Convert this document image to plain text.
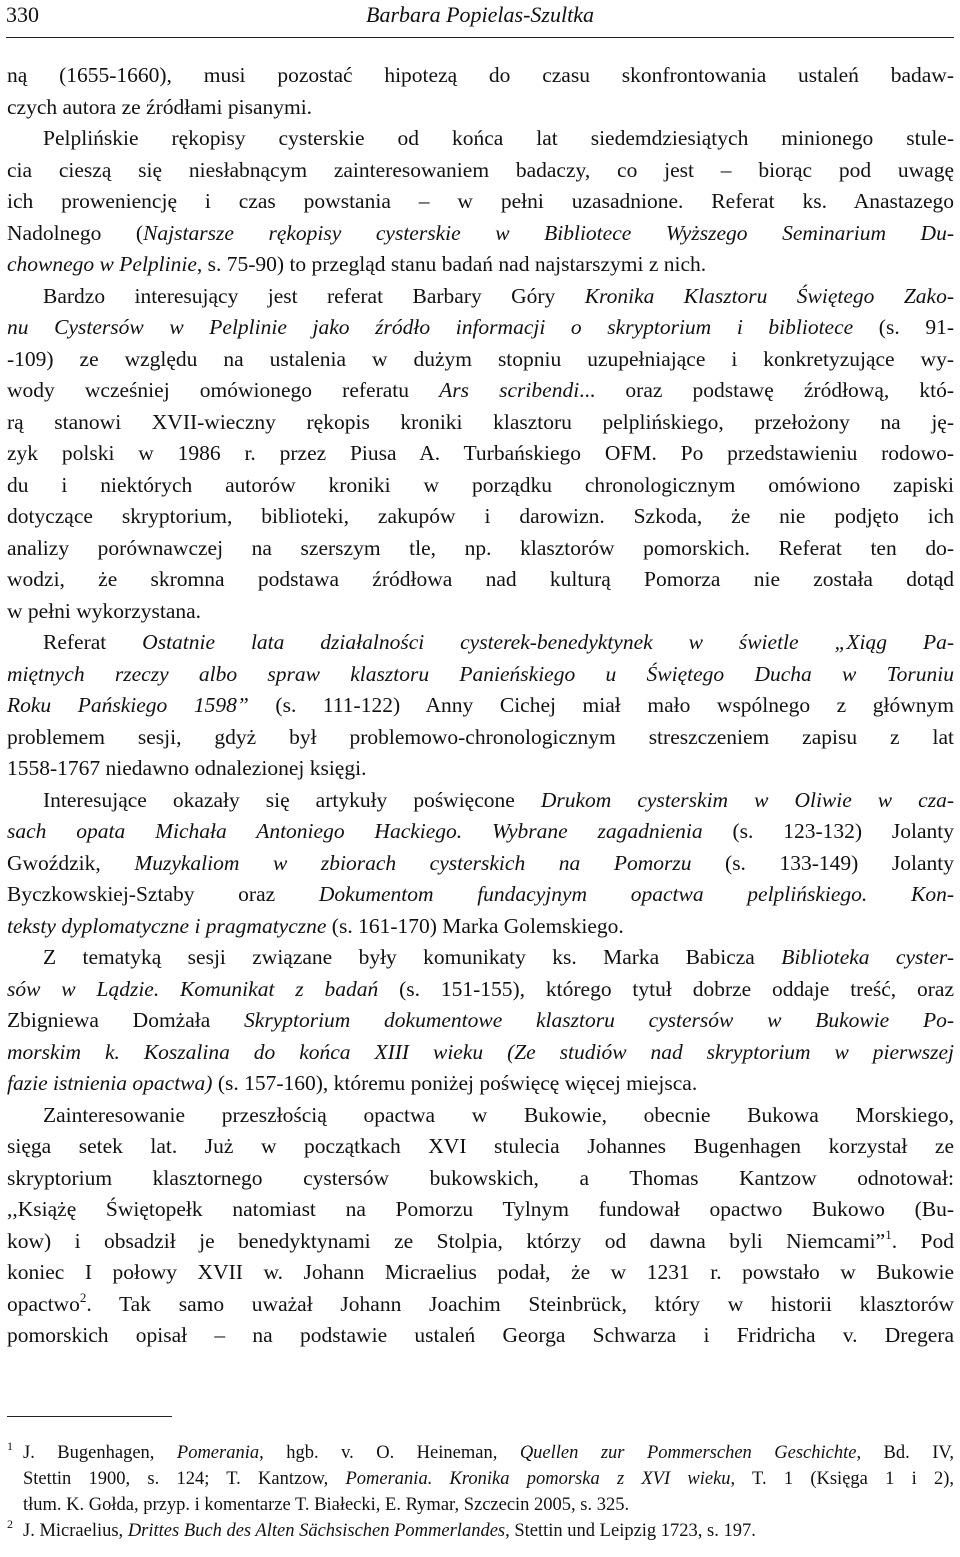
330	Barbara Popielas-Szultka
ną (1655-1660), musi pozostać hipotezą do czasu skonfrontowania ustaleń badaw-
czych autora ze źródłami pisanymi.
Pelplińskie rękopisy cysterskie od końca lat siedemdziesiątych minionego stule-
cia cieszą się niesłabnącym zainteresowaniem badaczy, co jest – biorąc pod uwagę
ich proweniencję i czas powstania – w pełni uzasadnione. Referat ks. Anastazego
Nadolnego (Najstarsze rękopisy cysterskie w Bibliotece Wyższego Seminarium Du-
chownego w Pelplinie, s. 75-90) to przegląd stanu badań nad najstarszymi z nich.
Bardzo interesujący jest referat Barbary Góry Kronika Klasztoru Świętego Zako-
nu Cystersów w Pelplinie jako źródło informacji o skryptorium i bibliotece (s. 91-
-109) ze względu na ustalenia w dużym stopniu uzupełniające i konkretyzujące wy-
wody wcześniej omówionego referatu Ars scribendi... oraz podstawę źródłową, któ-
rą stanowi XVII-wieczny rękopis kroniki klasztoru pelplińskiego, przełożony na ję-
zyk polski w 1986 r. przez Piusa A. Turbańskiego OFM. Po przedstawieniu rodowo-
du i niektórych autorów kroniki w porządku chronologicznym omówiono zapiski
dotyczące skryptorium, biblioteki, zakupów i darowizn. Szkoda, że nie podjęto ich
analizy porównawczej na szerszym tle, np. klasztorów pomorskich. Referat ten do-
wodzi, że skromna podstawa źródłowa nad kulturą Pomorza nie została dotąd
w pełni wykorzystana.
Referat Ostatnie lata działalności cysterek-benedyktynek w świetle „Xiąg Pa-
miętnych rzeczy albo spraw klasztoru Panieńskiego u Świętego Ducha w Toruniu
Roku Pańskiego 1598” (s. 111-122) Anny Cichej miał mało wspólnego z głównym
problemem sesji, gdyż był problemowo-chronologicznym streszczeniem zapisu z lat
1558-1767 niedawno odnalezionej księgi.
Interesujące okazały się artykuły poświęcone Drukom cysterskim w Oliwie w cza-
sach opata Michała Antoniego Hackiego. Wybrane zagadnienia (s. 123-132) Jolanty
Gwoździk, Muzykaliom w zbiorach cysterskich na Pomorzu (s. 133-149) Jolanty
Byczkowskiej-Sztaby oraz Dokumentom fundacyjnym opactwa pelplińskiego. Kon-
teksty dyplomatyczne i pragmatyczne (s. 161-170) Marka Golemskiego.
Z tematyką sesji związane były komunikaty ks. Marka Babicza Biblioteka cyster-
sów w Lądzie. Komunikat z badań (s. 151-155), którego tytuł dobrze oddaje treść, oraz
Zbigniewa Domżała Skryptorium dokumentowe klasztoru cystersów w Bukowie Po-
morskim k. Koszalina do końca XIII wieku (Ze studiów nad skryptorium w pierwszej
fazie istnienia opactwa) (s. 157-160), któremu poniżej poświęcę więcej miejsca.
Zainteresowanie przeszłością opactwa w Bukowie, obecnie Bukowa Morskiego,
sięga setek lat. Już w początkach XVI stulecia Johannes Bugenhagen korzystał ze
skryptorium klasztornego cystersów bukowskich, a Thomas Kantzow odnotował:
,,Książę Świętopełk natomiast na Pomorzu Tylnym fundował opactwo Bukowo (Bu-
kow) i obsadził je benedyktynami ze Stolpia, którzy od dawna byli Niemcami”$^1$. Pod
koniec I połowy XVII w. Johann Micraelius podał, że w 1231 r. powstało w Bukowie
opactwo$^2$. Tak samo uważał Johann Joachim Steinbrück, który w historii klasztorów
pomorskich opisał – na podstawie ustaleń Georga Schwarza i Fridricha v. Dregera
1 J. Bugenhagen, Pomerania, hgb. v. O. Heineman, Quellen zur Pommerschen Geschichte, Bd. IV,
Stettin 1900, s. 124; T. Kantzow, Pomerania. Kronika pomorska z XVI wieku, T. 1 (Księga 1 i 2),
tłum. K. Gołda, przyp. i komentarze T. Białecki, E. Rymar, Szczecin 2005, s. 325.
2 J. Micraelius, Drittes Buch des Alten Sächsischen Pommerlandes, Stettin und Leipzig 1723, s. 197.
